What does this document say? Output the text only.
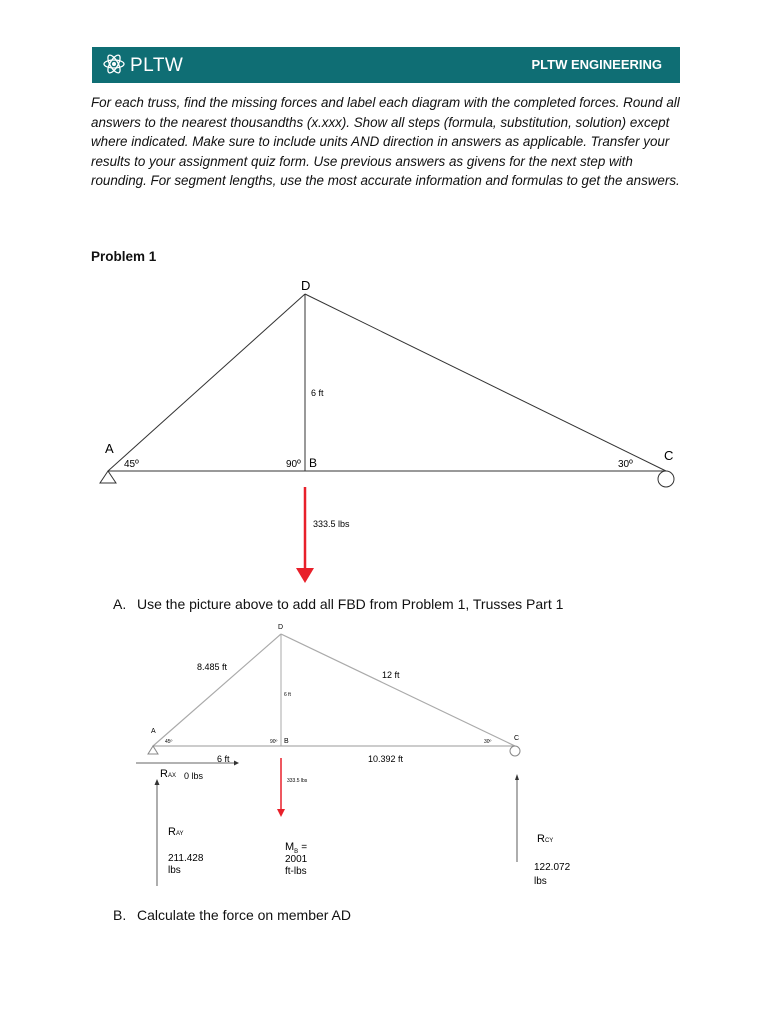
PLTW	PLTW ENGINEERING
For each truss, find the missing forces and label each diagram with the completed forces. Round all answers to the nearest thousandths (x.xxx). Show all steps (formula, substitution, solution) except where indicated. Make sure to include units AND direction in answers as applicable. Transfer your results to your assignment quiz form. Use previous answers as givens for the next step with rounding. For segment lengths, use the most accurate information and formulas to get the answers.
Problem 1
D
A
B	C
45º	90º	30º
6 ft
333.5 lbs
D
A
B	C
45º	90º	30º
6 ft
8.485 ft
12 ft
6 ft	10.392 ft
333.5 lbs
RAX 0 lbs
RAY
211.428
lbs
$M_B$ =
2001
ft-lbs
RCY
122.072
lbs
A. Use the picture above to add all FBD from Problem 1, Trusses Part 1
B. Calculate the force on member AD
